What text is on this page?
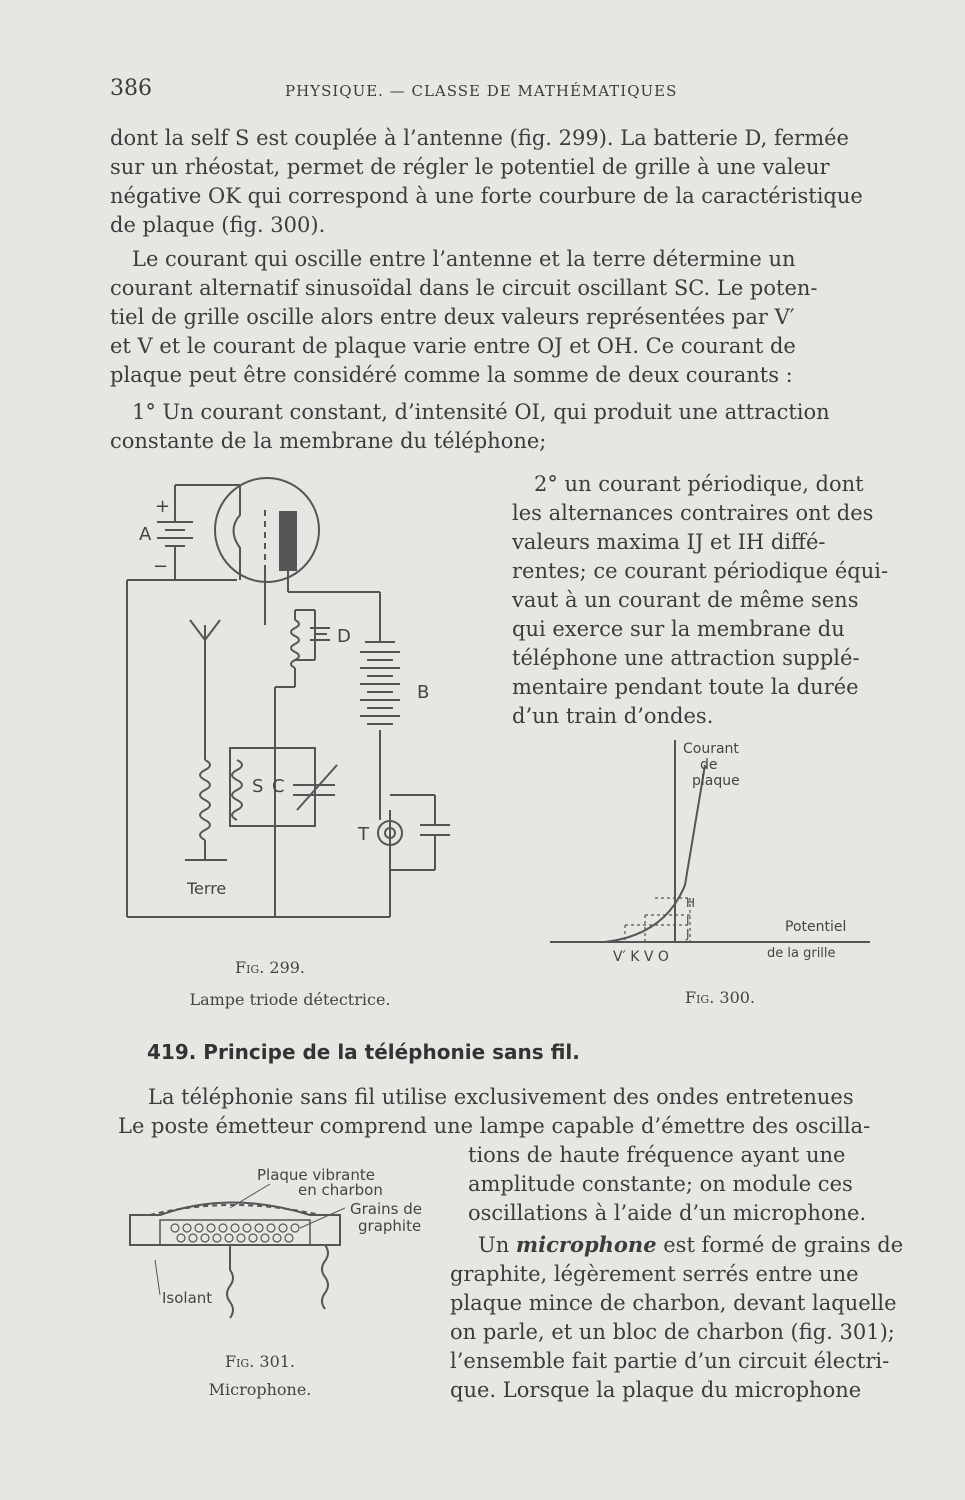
386	PHYSIQUE. — CLASSE DE MATHÉMATIQUES
dont la self S est couplée à l’antenne (fig. 299). La batterie D, fermée
sur un rhéostat, permet de régler le potentiel de grille à une valeur
négative OK qui correspond à une forte courbure de la caractéristique
de plaque (fig. 300).
Le courant qui oscille entre l’antenne et la terre détermine un
courant alternatif sinusoïdal dans le circuit oscillant SC. Le poten-
tiel de grille oscille alors entre deux valeurs représentées par V′
et V et le courant de plaque varie entre OJ et OH. Ce courant de
plaque peut être considéré comme la somme de deux courants :
1° Un courant constant, d’intensité OI, qui produit une attraction
constante de la membrane du téléphone;
A
+
−
D
B
S C
T
Terre
Fig. 299.
Lampe triode détectrice.
2° un courant périodique, dont
les alternances contraires ont des
valeurs maxima IJ et IH diffé-
rentes; ce courant périodique équi-
vaut à un courant de même sens
qui exerce sur la membrane du
téléphone une attraction supplé-
mentaire pendant toute la durée
d’un train d’ondes.
Courant
de
plaque
H
I
J	Potentiel
de la grille
V′ K V O
Fig. 300.
419. Principe de la téléphonie sans fil.
La téléphonie sans fil utilise exclusivement des ondes entretenues
Le poste émetteur comprend une lampe capable d’émettre des oscilla-
tions de haute fréquence ayant une
amplitude constante; on module ces
oscillations à l’aide d’un microphone.
Un microphone est formé de grains de
graphite, légèrement serrés entre une
plaque mince de charbon, devant laquelle
on parle, et un bloc de charbon (fig. 301);
l’ensemble fait partie d’un circuit électri-
que. Lorsque la plaque du microphone
Plaque vibrante
en charbon
Grains de
graphite
Isolant
Fig. 301.
Microphone.
